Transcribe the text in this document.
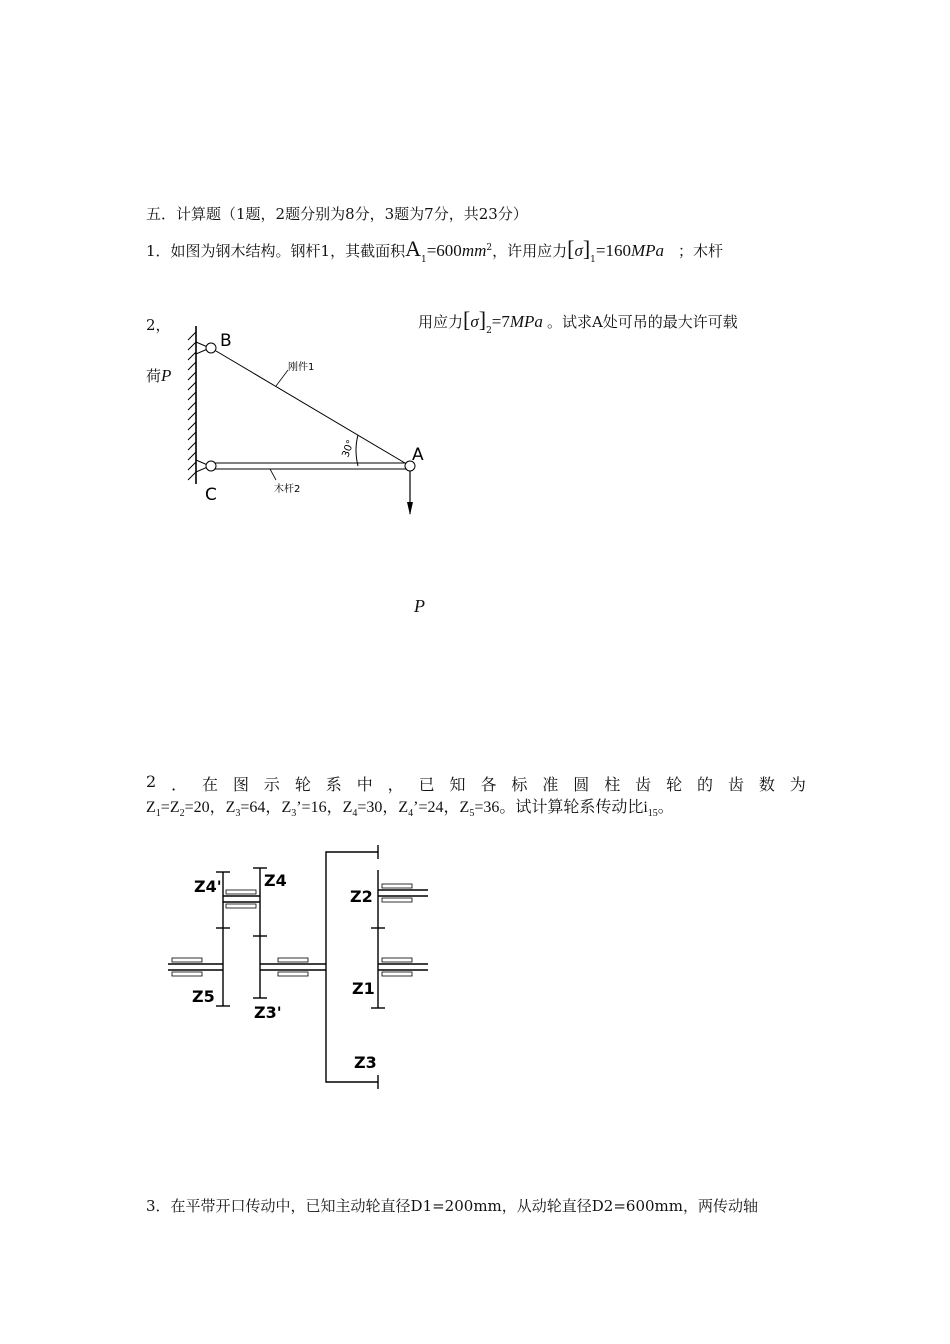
五．计算题（1题，2题分别为8分，3题为7分，共23分）
1．如图为钢木结构。钢杆1，其截面积$A_1=600mm^2$，许用应力$[\sigma]_1=160MPa$ ；木杆
2，	用应力$[\sigma]_2=7MPa$ 。试求A处可吊的最大许可载
荷P
30°
B
C
A
刚件1
木杆2
P
2 ． 在 图 示 轮 系 中 ， 已 知 各 标 准 圆 柱 齿 轮 的 齿 数 为
$Z_1=Z_2=20$，$Z_3=64$，$Z_3’=16$，$Z_4=30$，$Z_4’=24$，$Z_5=36$。试计算轮系传动比$i_{15}$。
Z4'	Z4
Z5
Z3'
Z2
Z1
Z3
3．在平带开口传动中，已知主动轮直径D1=200mm，从动轮直径D2=600mm，两传动轴
